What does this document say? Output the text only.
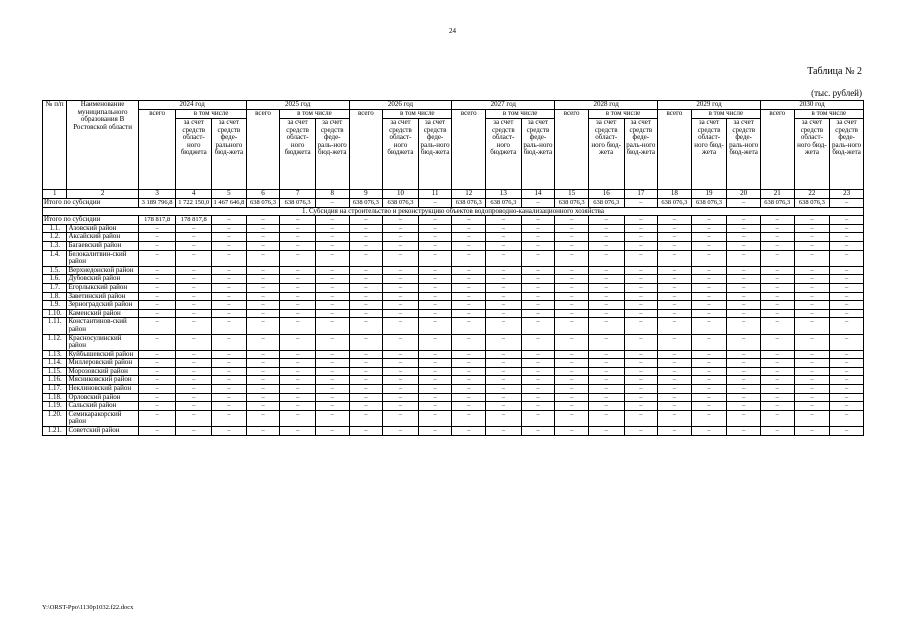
24
Таблица № 2
(тыс. рублей)
№ п/п	Наименование муниципального образования В Ростовской области	2024 год			2025 год			2026 год			2027 год			2028 год			2029 год			2030 год		
		всего	в том числе		всего	в том числе		всего	в том числе		всего	в том числе		всего	в том числе		всего	в том числе		всего	в том числе	
			за счет средств област-ного бюджета	за счет средств феде-рального бюд-жета		за счет средств област-ного бюджета	за счет средств феде-раль-ного бюд-жета		за счет средств област-ного бюджета	за счет средств феде-раль-ного бюд-жета		за счет средств област-ного бюджета	за счет средств феде-раль-ного бюд-жета		за счет средств област-ного бюд-жета	за счет средств феде-раль-ного бюд-жета		за счет средств област-ного бюд-жета	за счет средств феде-раль-ного бюд-жета		за счет средств област-ного бюд-жета	за счет средств феде-раль-ного бюд-жета
1	2	3	4	5	6	7	8	9	10	11	12	13	14	15	16	17	18	19	20	21	22	23
Итого по субсидии		3 189 796,8	1 722 150,0	1 467 646,8	638 076,3	638 076,3	–	638 076,3	638 076,3	–	638 076,3	638 076,3	–	638 076,3	638 076,3	–	638 076,3	638 076,3	–	638 076,3	638 076,3	–
1. Субсидия на строительство и реконструкцию объектов водопроводно-канализационного хозяйства																						
Итого по субсидии		178 817,8	178 817,8	–	–	–	–	–	–	–	–	–	–	–	–	–	–	–	–	–	–	–
1.1.	Азовский район	–	–	–	–	–	–	–	–	–	–	–	–	–	–	–	–	–	–	–	–	–
1.2.	Аксайский район	–	–	–	–	–	–	–	–	–	–	–	–	–	–	–	–	–	–	–	–	–
1.3.	Багаевский район	–	–	–	–	–	–	–	–	–	–	–	–	–	–	–	–	–	–	–	–	–
1.4.	Белокалитвин-ский район	–	–	–	–	–	–	–	–	–	–	–	–	–	–	–	–	–	–	–	–	–
1.5.	Верхнедонской район	–	–	–	–	–	–	–	–	–	–	–	–	–	–	–	–	–	–	–	–	–
1.6.	Дубовский район	–	–	–	–	–	–	–	–	–	–	–	–	–	–	–	–	–	–	–	–	–
1.7.	Егорлыкский район	–	–	–	–	–	–	–	–	–	–	–	–	–	–	–	–	–	–	–	–	–
1.8.	Заветинский район	–	–	–	–	–	–	–	–	–	–	–	–	–	–	–	–	–	–	–	–	–
1.9.	Зерноградский район	–	–	–	–	–	–	–	–	–	–	–	–	–	–	–	–	–	–	–	–	–
1.10.	Каменский район	–	–	–	–	–	–	–	–	–	–	–	–	–	–	–	–	–	–	–	–	–
1.11.	Константинов-ский район	–	–	–	–	–	–	–	–	–	–	–	–	–	–	–	–	–	–	–	–	–
1.12.	Красносулинский район	–	–	–	–	–	–	–	–	–	–	–	–	–	–	–	–	–	–	–	–	–
1.13.	Куйбышевский район	–	–	–	–	–	–	–	–	–	–	–	–	–	–	–	–	–	–	–	–	–
1.14.	Миллеровский район	–	–	–	–	–	–	–	–	–	–	–	–	–	–	–	–	–	–	–	–	–
1.15.	Морозовский район	–	–	–	–	–	–	–	–	–	–	–	–	–	–	–	–	–	–	–	–	–
1.16.	Мясниковский район	–	–	–	–	–	–	–	–	–	–	–	–	–	–	–	–	–	–	–	–	–
1.17.	Неклиновский район	–	–	–	–	–	–	–	–	–	–	–	–	–	–	–	–	–	–	–	–	–
1.18.	Орловский район	–	–	–	–	–	–	–	–	–	–	–	–	–	–	–	–	–	–	–	–	–
1.19.	Сальский район	–	–	–	–	–	–	–	–	–	–	–	–	–	–	–	–	–	–	–	–	–
1.20.	Семикаракорский район	–	–	–	–	–	–	–	–	–	–	–	–	–	–	–	–	–	–	–	–	–
1.21.	Советский район	–	–	–	–	–	–	–	–	–	–	–	–	–	–	–	–	–	–	–	–	–
Y:\ORST-Ppo\1130p1032.f22.docx
